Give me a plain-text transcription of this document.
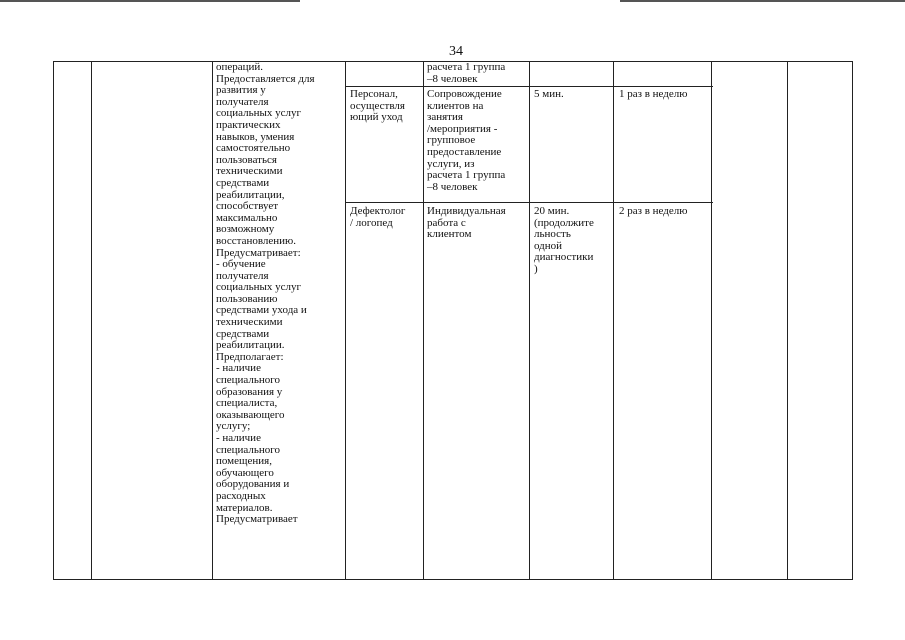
34
операций.
Предоставляется для
развития у
получателя
социальных услуг
практических
навыков, умения
самостоятельно
пользоваться
техническими
средствами
реабилитации,
способствует
максимально
возможному
восстановлению.
Предусматривает:
- обучение
получателя
социальных услуг
пользованию
средствами ухода и
техническими
средствами
реабилитации.
Предполагает:
- наличие
специального
образования у
специалиста,
оказывающего
услугу;
- наличие
специального
помещения,
обучающего
оборудования и
расходных
материалов.
Предусматривает
расчета 1 группа
–8 человек
Персонал,
осуществля
ющий уход
Сопровождение
клиентов на
занятия
/мероприятия -
групповое
предоставление
услуги, из
расчета 1 группа
–8 человек
5 мин.	1 раз в неделю
Дефектолог
/ логопед
Индивидуальная
работа с
клиентом
20 мин.
(продолжите
льность
одной
диагностики
)
2 раз в неделю
